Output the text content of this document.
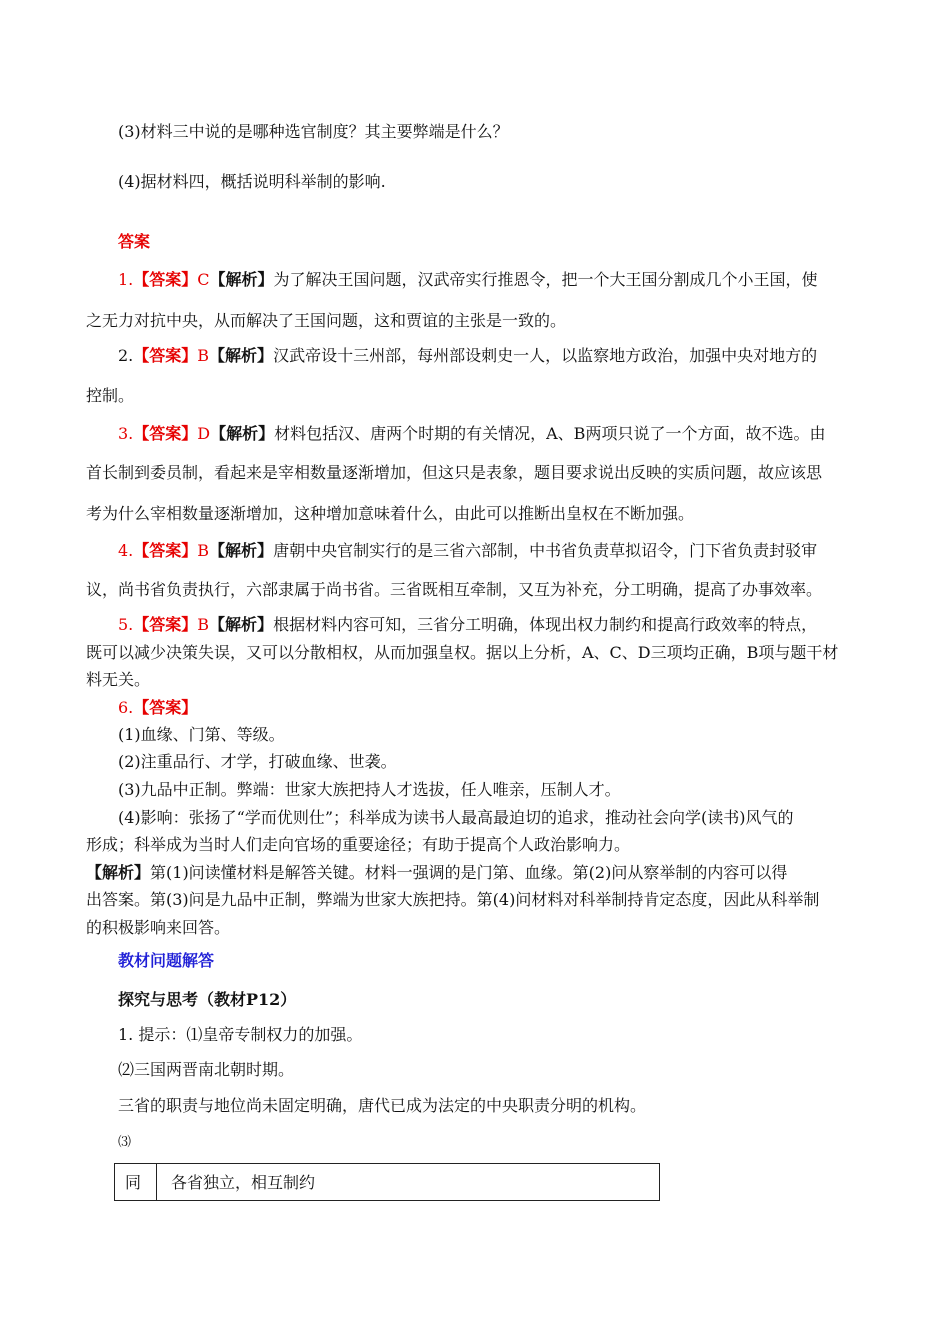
(3)材料三中说的是哪种选官制度？其主要弊端是什么？
(4)据材料四，概括说明科举制的影响.
答案
1.【答案】C【解析】为了解决王国问题，汉武帝实行推恩令，把一个大王国分割成几个小王国，使
之无力对抗中央，从而解决了王国问题，这和贾谊的主张是一致的。
2.【答案】B【解析】汉武帝设十三州部，每州部设刺史一人，以监察地方政治，加强中央对地方的
控制。
3.【答案】D【解析】材料包括汉、唐两个时期的有关情况，A、B两项只说了一个方面，故不选。由
首长制到委员制，看起来是宰相数量逐渐增加，但这只是表象，题目要求说出反映的实质问题，故应该思
考为什么宰相数量逐渐增加，这种增加意味着什么，由此可以推断出皇权在不断加强。
4.【答案】B【解析】唐朝中央官制实行的是三省六部制，中书省负责草拟诏令，门下省负责封驳审
议，尚书省负责执行，六部隶属于尚书省。三省既相互牵制，又互为补充，分工明确，提高了办事效率。
5.【答案】B【解析】根据材料内容可知，三省分工明确，体现出权力制约和提高行政效率的特点，
既可以减少决策失误，又可以分散相权，从而加强皇权。据以上分析，A、C、D三项均正确，B项与题干材
料无关。
6.【答案】
(1)血缘、门第、等级。
(2)注重品行、才学，打破血缘、世袭。
(3)九品中正制。弊端：世家大族把持人才选拔，任人唯亲，压制人才。
(4)影响：张扬了“学而优则仕”；科举成为读书人最高最迫切的追求，推动社会向学(读书)风气的
形成；科举成为当时人们走向官场的重要途径；有助于提高个人政治影响力。
【解析】第(1)问读懂材料是解答关键。材料一强调的是门第、血缘。第(2)问从察举制的内容可以得
出答案。第(3)问是九品中正制，弊端为世家大族把持。第(4)问材料对科举制持肯定态度，因此从科举制
的积极影响来回答。
教材问题解答
探究与思考（教材P12）
1. 提示：⑴皇帝专制权力的加强。
⑵三国两晋南北朝时期。
三省的职责与地位尚未固定明确，唐代已成为法定的中央职责分明的机构。
⑶
同 各省独立，相互制约
